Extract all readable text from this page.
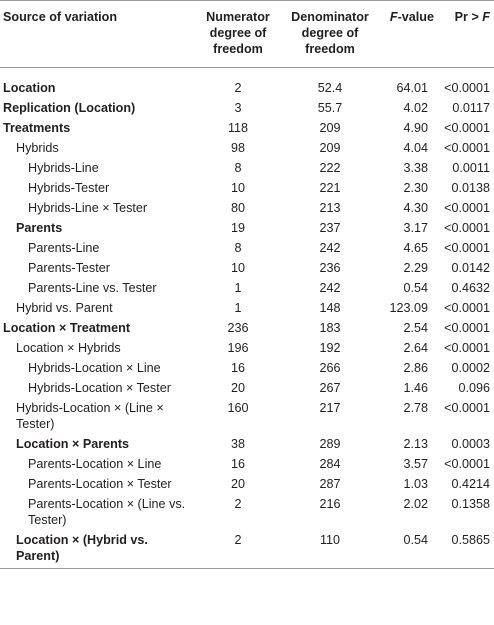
Source of variation	Numerator degree of freedom	Denominator degree of freedom	F-value	Pr > F
Location	2	52.4	64.01	<0.0001
Replication (Location)	3	55.7	4.02	0.0117
Treatments	118	209	4.90	<0.0001
Hybrids	98	209	4.04	<0.0001
Hybrids-Line	8	222	3.38	0.0011
Hybrids-Tester	10	221	2.30	0.0138
Hybrids-Line × Tester	80	213	4.30	<0.0001
Parents	19	237	3.17	<0.0001
Parents-Line	8	242	4.65	<0.0001
Parents-Tester	10	236	2.29	0.0142
Parents-Line vs. Tester	1	242	0.54	0.4632
Hybrid vs. Parent	1	148	123.09	<0.0001
Location × Treatment	236	183	2.54	<0.0001
Location × Hybrids	196	192	2.64	<0.0001
Hybrids-Location × Line	16	266	2.86	0.0002
Hybrids-Location × Tester	20	267	1.46	0.096
Hybrids-Location × (Line × Tester)	160	217	2.78	<0.0001
Location × Parents	38	289	2.13	0.0003
Parents-Location × Line	16	284	3.57	<0.0001
Parents-Location × Tester	20	287	1.03	0.4214
Parents-Location × (Line vs. Tester)	2	216	2.02	0.1358
Location × (Hybrid vs. Parent)	2	110	0.54	0.5865
